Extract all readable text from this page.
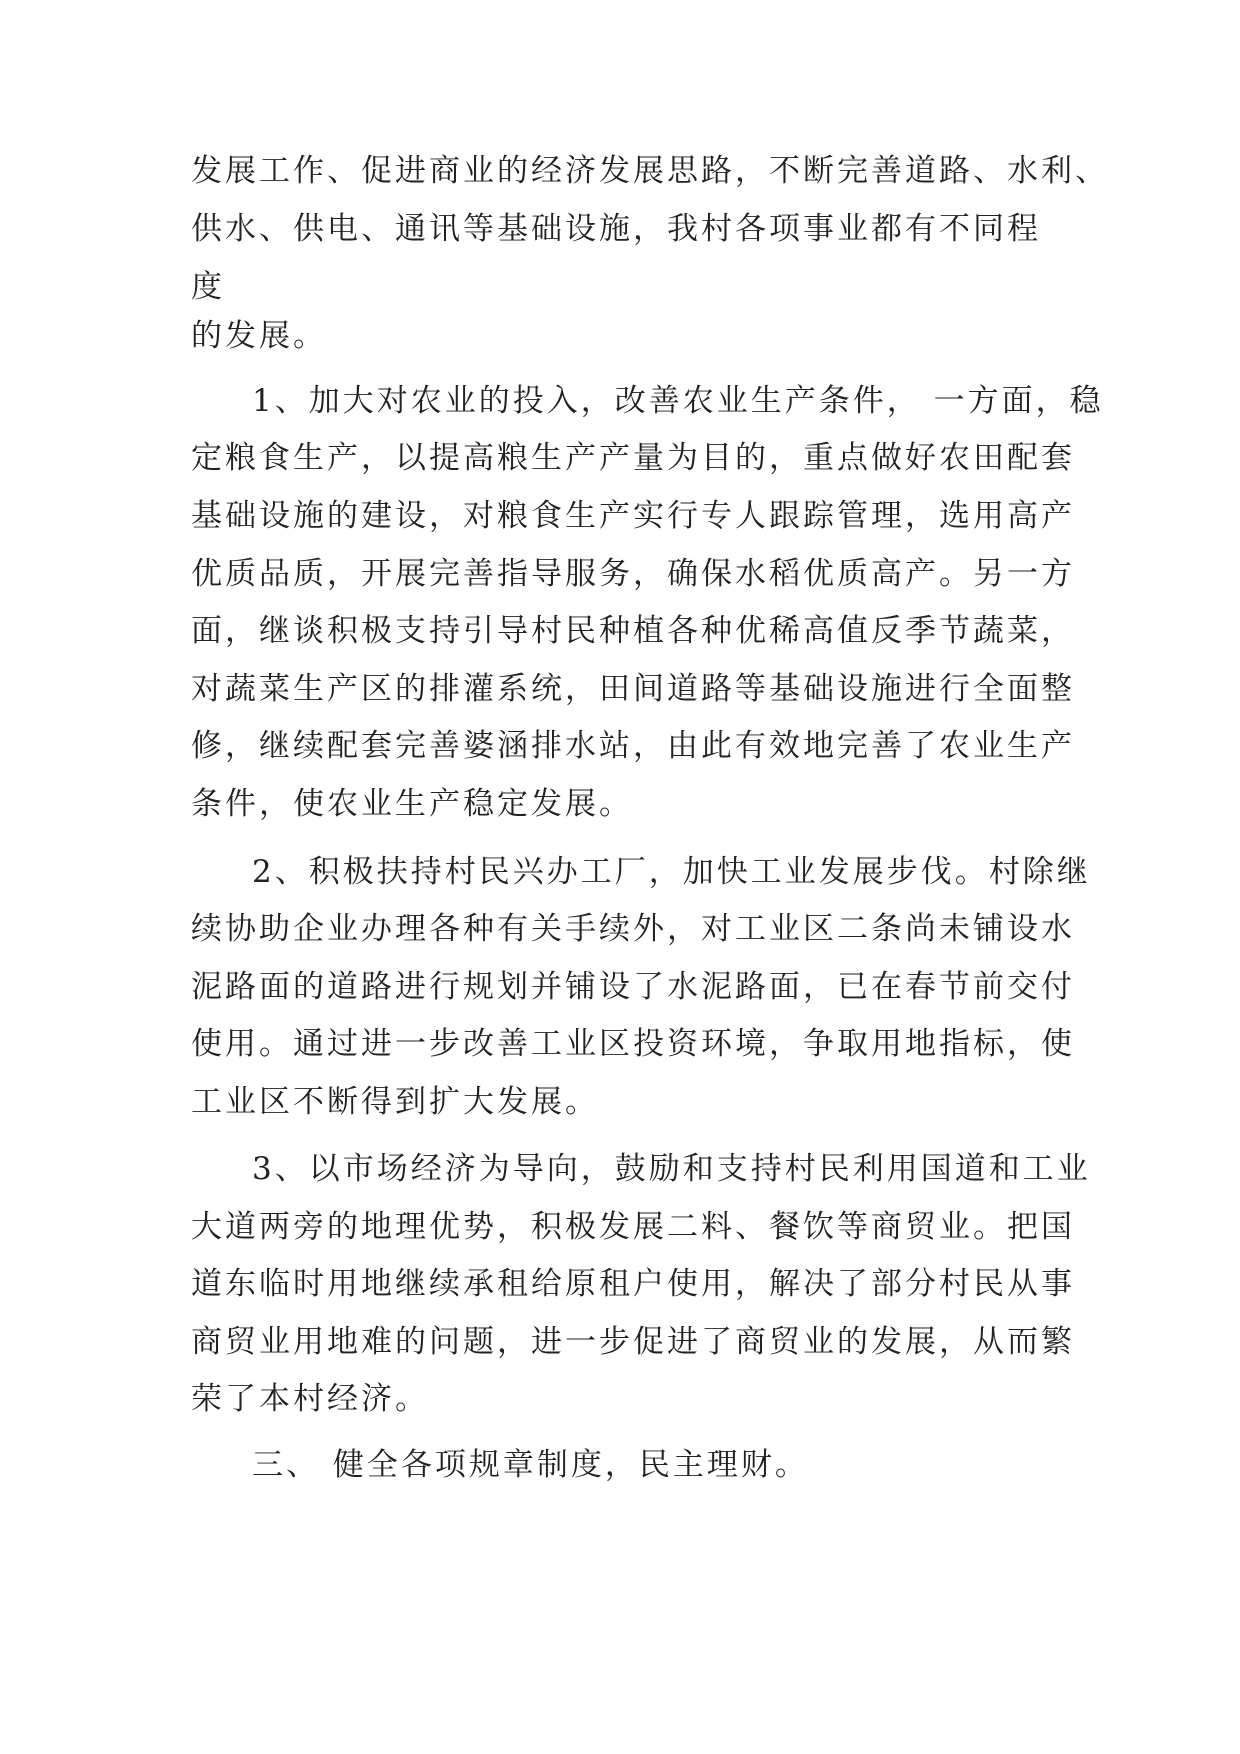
发展工作、促进商业的经济发展思路，不断完善道路、水利、
供水、供电、通讯等基础设施，我村各项事业都有不同程
度
的发展。
1、加大对农业的投入，改善农业生产条件， 一方面，稳
定粮食生产，以提高粮生产产量为目的，重点做好农田配套
基础设施的建设，对粮食生产实行专人跟踪管理，选用高产
优质品质，开展完善指导服务，确保水稻优质高产。另一方
面，继谈积极支持引导村民种植各种优稀高值反季节蔬菜，
对蔬菜生产区的排灌系统，田间道路等基础设施进行全面整
修，继续配套完善婆涵排水站，由此有效地完善了农业生产
条件，使农业生产稳定发展。
2、积极扶持村民兴办工厂，加快工业发展步伐。村除继
续协助企业办理各种有关手续外，对工业区二条尚未铺设水
泥路面的道路进行规划并铺设了水泥路面，已在春节前交付
使用。通过进一步改善工业区投资环境，争取用地指标，使
工业区不断得到扩大发展。
3、以市场经济为导向，鼓励和支持村民利用国道和工业
大道两旁的地理优势，积极发展二料、餐饮等商贸业。把国
道东临时用地继续承租给原租户使用，解决了部分村民从事
商贸业用地难的问题，进一步促进了商贸业的发展，从而繁
荣了本村经济。
三、 健全各项规章制度，民主理财。
